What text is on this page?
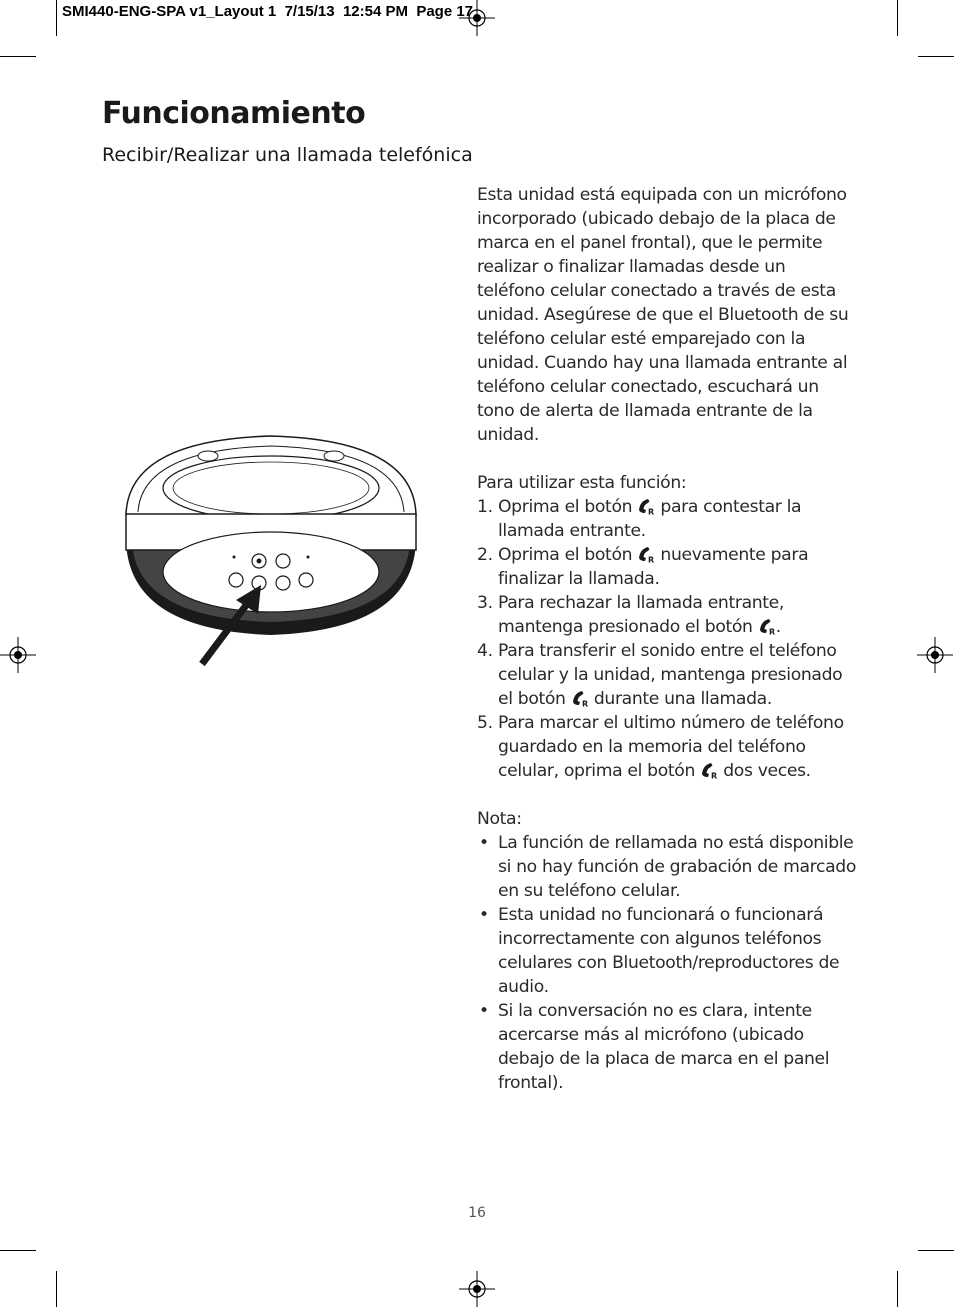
SMI440-ENG-SPA v1_Layout 1  7/15/13  12:54 PM  Page 17
Funcionamiento
Recibir/Realizar una llamada telefónica

Esta unidad está equipada con un micrófono incorporado (ubicado debajo de la placa de marca en el panel frontal), que le permite realizar o finalizar llamadas desde un teléfono celular conectado a través de esta unidad. Asegúrese de que el Bluetooth de su teléfono celular esté emparejado con la unidad. Cuando hay una llamada entrante al teléfono celular conectado, escuchará un tono de alerta de llamada entrante de la unidad.

Para utilizar esta función:

1. Oprima el botón R para contestar la llamada entrante.
2. Oprima el botón R nuevamente para finalizar la llamada.
3. Para rechazar la llamada entrante, mantenga presionado el botón R .
4. Para transferir el sonido entre el teléfono celular y la unidad, mantenga presionado el botón R durante una llamada.
5. Para marcar el ultimo número de teléfono guardado en la memoria del teléfono celular, oprima el botón R dos veces.

Nota:

• La función de rellamada no está disponible si no hay función de grabación de marcado en su teléfono celular.
• Esta unidad no funcionará o funcionará incorrectamente con algunos teléfonos celulares con Bluetooth/reproductores de audio.
• Si la conversación no es clara, intente acercarse más al micrófono (ubicado debajo de la placa de marca en el panel frontal).
16
